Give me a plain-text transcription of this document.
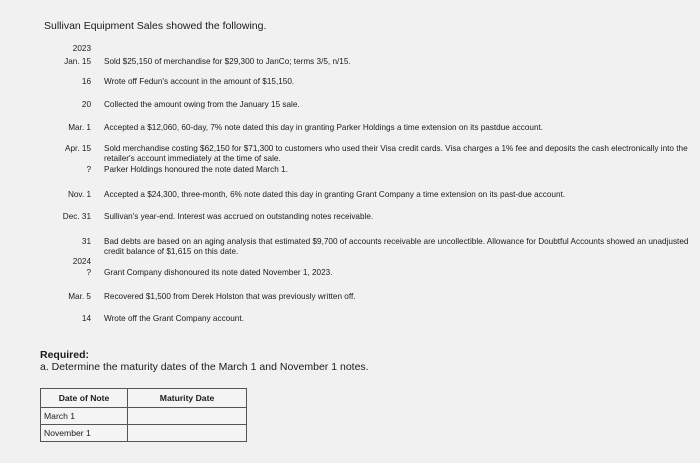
Sullivan Equipment Sales showed the following.
2023
Jan. 15 Sold $25,150 of merchandise for $29,300 to JanCo; terms 3/5, n/15.
16 Wrote off Fedun's account in the amount of $15,150.
20 Collected the amount owing from the January 15 sale.
Mar. 1 Accepted a $12,060, 60-day, 7% note dated this day in granting Parker Holdings a time extension on its pastdue account.
Apr. 15 Sold merchandise costing $62,150 for $71,300 to customers who used their Visa credit cards. Visa charges a 1% fee and deposits the cash electronically into the retailer's account immediately at the time of sale.
? Parker Holdings honoured the note dated March 1.
Nov. 1 Accepted a $24,300, three-month, 6% note dated this day in granting Grant Company a time extension on its past-due account.
Dec. 31 Sullivan's year-end. Interest was accrued on outstanding notes receivable.
31 Bad debts are based on an aging analysis that estimated $9,700 of accounts receivable are uncollectible. Allowance for Doubtful Accounts showed an unadjusted credit balance of $1,615 on this date.
2024
? Grant Company dishonoured its note dated November 1, 2023.
Mar. 5 Recovered $1,500 from Derek Holston that was previously written off.
14 Wrote off the Grant Company account.
Required:
a. Determine the maturity dates of the March 1 and November 1 notes.
Date of Note	Maturity Date
March 1	
November 1	
